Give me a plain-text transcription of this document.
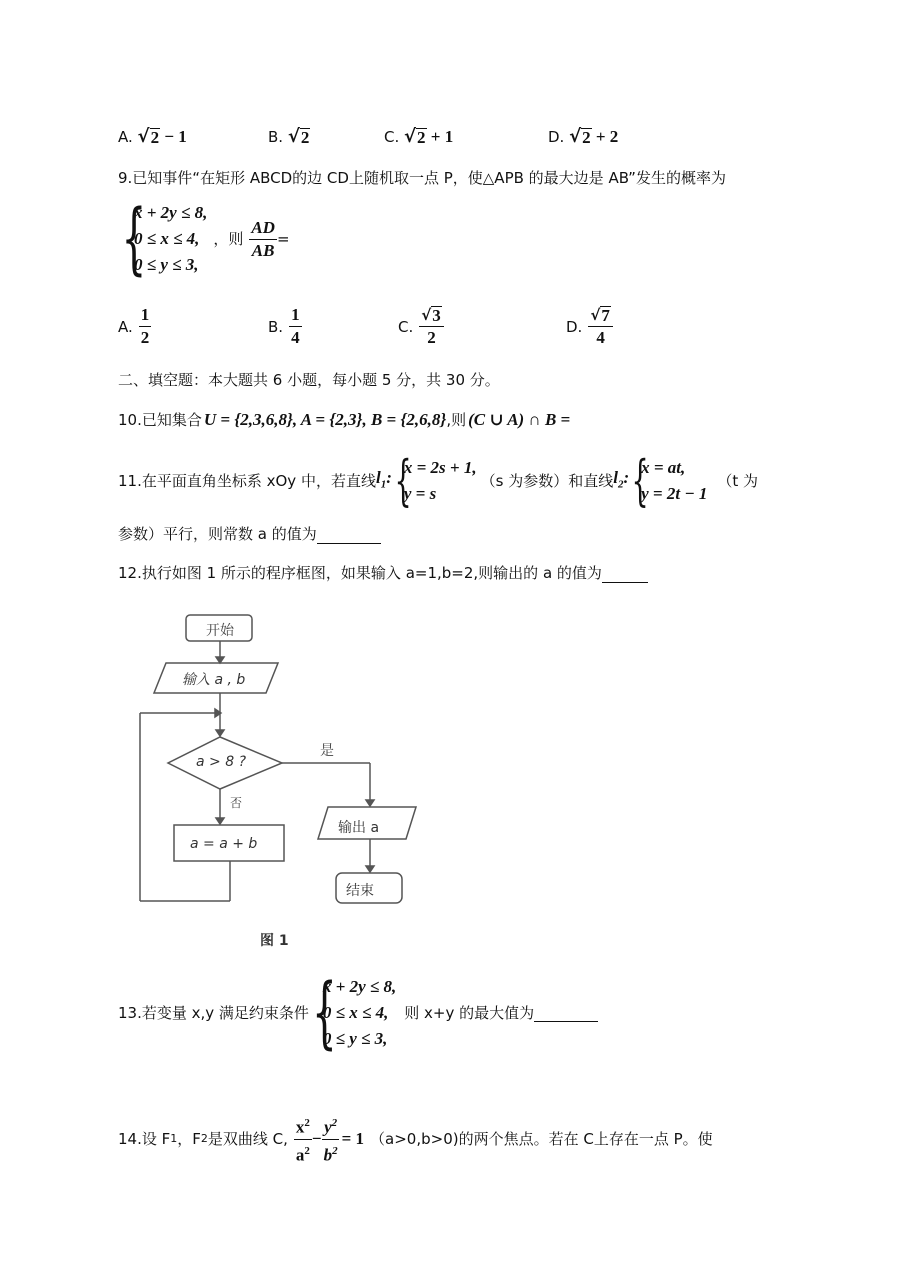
A. √ 2 − 1	B. √ 2	C. √ 2 + 1	D. √ 2 + 2
9.已知事件“在矩形 ABCD的边 CD上随机取一点 P，使△APB 的最大边是 AB”发生的概率为
{
x + 2y ≤ 8,
0 ≤ x ≤ 4,
0 ≤ y ≤ 3,
，则 $\frac{AD}{AB}$ =
A. $\frac{1}{2}$	B. $\frac{1}{4}$	C. $\frac{√ 3}{2}$	D. $\frac{√ 7}{4}$
二、填空题：本大题共 6 小题，每小题 5 分，共 30 分。
10.已知集合 U = {2,3,6,8}, A = {2,3}, B = {2,6,8} ,则 (C ∪ A) ∩ B =
11.在平面直角坐标系 xOy 中，若直线 $l_1$: {
x = 2s + 1,
y = s
（s 为参数）和直线 $l_2$: {
x = at,
y = 2t − 1
（t 为
参数）平行，则常数 a 的值为
12.执行如图 1 所示的程序框图，如果输入 a=1,b=2,则输出的 a 的值为
开始
输入 a , b
a > 8 ?
是
否
a = a + b
输出 a
结束
图 1
13.若变量 x,y 满足约束条件 {
x + 2y ≤ 8,
0 ≤ x ≤ 4,
0 ≤ y ≤ 3,
则 x+y 的最大值为
14.设 F 1 ，F 2 是双曲线 C, $\frac{x^2}{a^2} - \frac{y^2}{b^2} = 1$ （a>0,b>0)的两个焦点。若在 C上存在一点 P。使
